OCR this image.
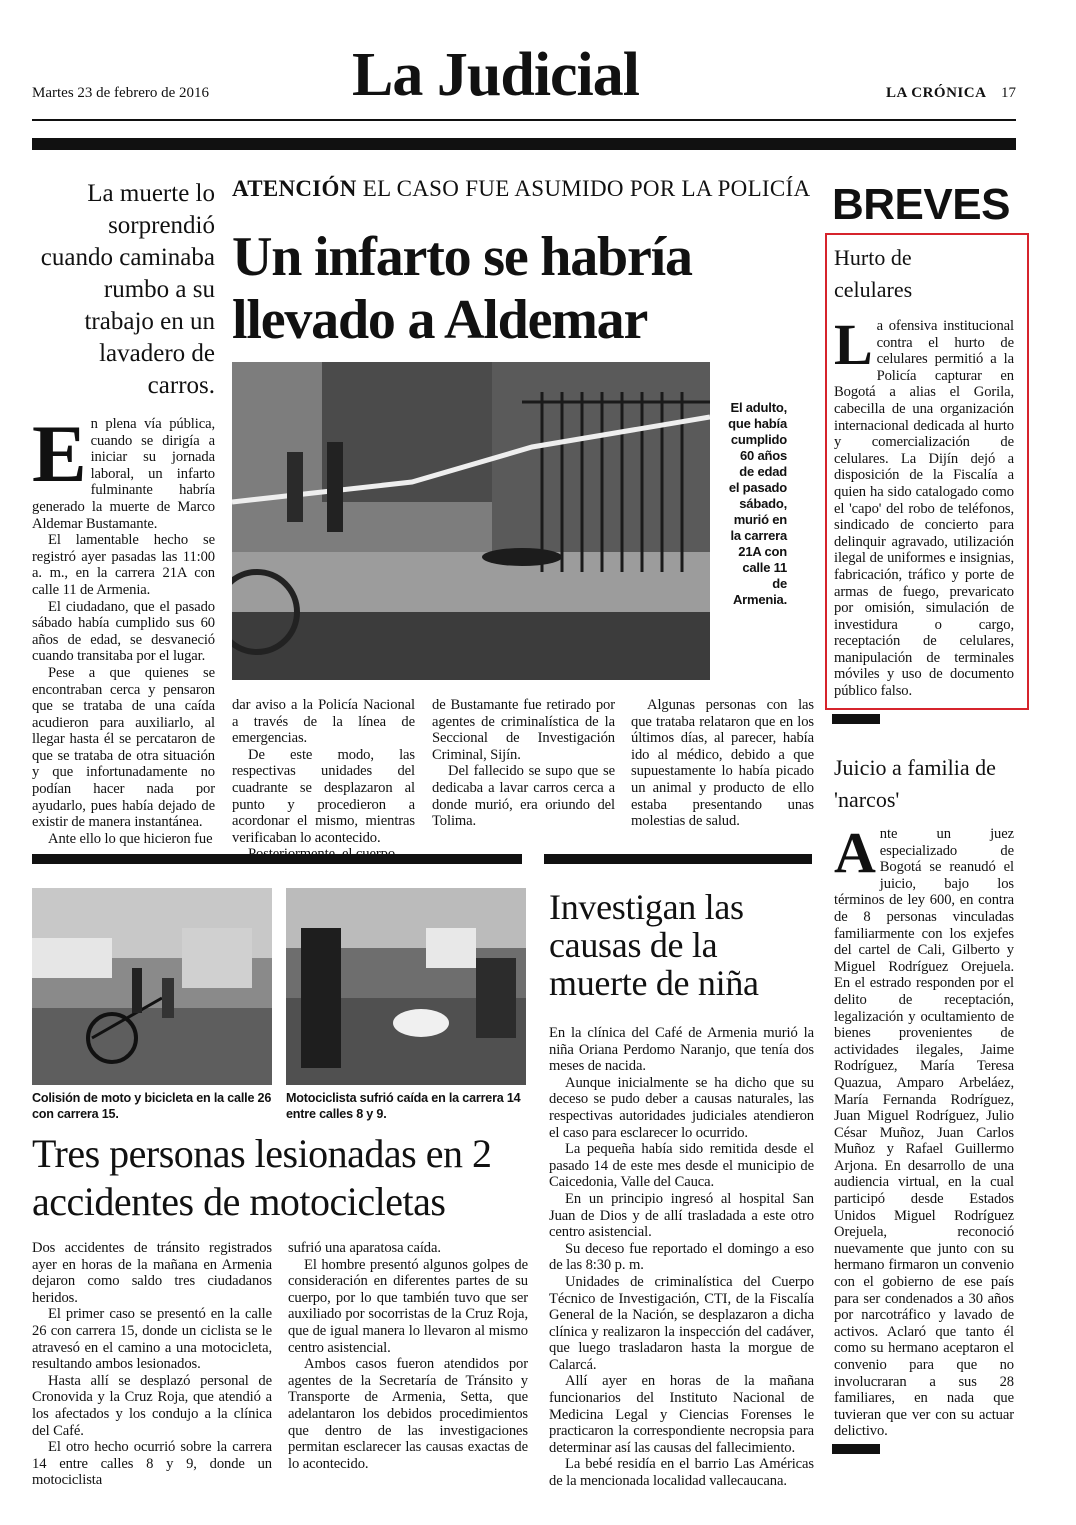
Martes 23 de febrero de 2016 La Judicial	LA CRÓNICA 17
La muerte lo sorprendió cuando caminaba rumbo a su trabajo en un lavadero de carros.
ATENCIÓN EL CASO FUE ASUMIDO POR LA POLICÍA
Un infarto se habría llevado a Aldemar
El adulto, que había cumplido 60 años de edad el pasado sábado, murió en la carrera 21A con calle 11 de Armenia.
E n plena vía pública, cuando se dirigía a iniciar su jornada laboral, un infarto fulminante habría generado la muerte de Marco Aldemar Bustamante.

El lamentable hecho se registró ayer pasadas las 11:00 a. m., en la carrera 21A con calle 11 de Armenia.

El ciudadano, que el pasado sábado había cumplido sus 60 años de edad, se desvaneció cuando transitaba por el lugar.

Pese a que quienes se encontraban cerca y pensaron que se trataba de una caída acudieron para auxiliarlo, al llegar hasta él se percataron de que se trataba de otra situación y que infortunadamente no podían hacer nada por ayudarlo, pues había dejado de existir de manera instantánea.

Ante ello lo que hicieron fue

dar aviso a la Policía Nacional a través de la línea de emergencias.

De este modo, las respectivas unidades del cuadrante se desplazaron al punto y procedieron a acordonar el mismo, mientras verificaban lo acontecido.

de Bustamante fue retirado por agentes de criminalística de la Seccional de Investigación Criminal, Sijín.

Del fallecido se supo que se dedicaba a lavar carros cerca a donde murió, era oriundo del Tolima.

Algunas personas con las que trataba relataron que en los últimos días, al parecer, había ido al médico, debido a que supuestamente lo había picado un animal y producto de ello estaba presentando unas molestias de salud.

BREVES
Hurto de celulares
L a ofensiva institucional contra el hurto de celulares permitió a la Policía capturar en Bogotá a alias el Gorila, cabecilla de una organización internacional dedicada al hurto y comercialización de celulares. La Dijín dejó a disposición de la Fiscalía a quien ha sido catalogado como el 'capo' del robo de teléfonos, sindicado de concierto para delinquir agravado, utilización ilegal de uniformes e insignias, fabricación, tráfico y porte de armas de fuego, prevaricato por omisión, simulación de investidura o cargo, receptación de celulares, manipulación de terminales móviles y uso de documento público falso.

Juicio a familia de 'narcos'
A nte un juez especializado de Bogotá se reanudó el juicio, bajo los términos de ley 600, en contra de 8 personas vinculadas familiarmente con los exjefes del cartel de Cali, Gilberto y Miguel Rodríguez Orejuela. En el estrado responden por el delito de receptación, legalización y ocultamiento de bienes provenientes de actividades ilegales, Jaime Rodríguez, María Teresa Quazua, Amparo Arbeláez, María Fernanda Rodríguez, Juan Miguel Rodríguez, Julio César Muñoz, Juan Carlos Muñoz y Rafael Guillermo Arjona. En desarrollo de una audiencia virtual, en la cual participó desde Estados Unidos Miguel Rodríguez Orejuela, reconoció nuevamente que junto con su hermano firmaron un convenio con el gobierno de ese país para ser condenados a 30 años por narcotráfico y lavado de activos. Aclaró que tanto él como su hermano aceptaron el convenio para que no involucraran a sus 28 familiares, en nada que tuvieran que ver con su actuar delictivo.

Colisión de moto y bicicleta en la calle 26 con carrera 15.
Motociclista sufrió caída en la carrera 14 entre calles 8 y 9.
Tres personas lesionadas en 2 accidentes de motocicletas

Dos accidentes de tránsito registrados ayer en horas de la mañana en Armenia dejaron como saldo tres ciudadanos heridos.

El primer caso se presentó en la calle 26 con carrera 15, donde un ciclista se le atravesó en el camino a una motocicleta, resultando ambos lesionados.

Hasta allí se desplazó personal de Cronovida y la Cruz Roja, que atendió a los afectados y los condujo a la clínica del Café.

El otro hecho ocurrió sobre la carrera 14 entre calles 8 y 9, donde un motociclista

sufrió una aparatosa caída.

El hombre presentó algunos golpes de consideración en diferentes partes de su cuerpo, por lo que también tuvo que ser auxiliado por socorristas de la Cruz Roja, que de igual manera lo llevaron al mismo centro asistencial.

Ambos casos fueron atendidos por agentes de la Secretaría de Tránsito y Transporte de Armenia, Setta, que adelantaron los debidos procedimientos que dentro de las investigaciones permitan esclarecer las causas exactas de lo acontecido.

Investigan las causas de la muerte de niña

En la clínica del Café de Armenia murió la niña Oriana Perdomo Naranjo, que tenía dos meses de nacida.

Aunque inicialmente se ha dicho que su deceso se pudo deber a causas naturales, las respectivas autoridades judiciales atendieron el caso para esclarecer lo ocurrido.

La pequeña había sido remitida desde el pasado 14 de este mes desde el municipio de Caicedonia, Valle del Cauca.

En un principio ingresó al hospital San Juan de Dios y de allí trasladada a este otro centro asistencial.

Su deceso fue reportado el domingo a eso de las 8:30 p. m.

Unidades de criminalística del Cuerpo Técnico de Investigación, CTI, de la Fiscalía General de la Nación, se desplazaron a dicha clínica y realizaron la inspección del cadáver, que luego trasladaron hasta la morgue de Calarcá.

Allí ayer en horas de la mañana funcionarios del Instituto Nacional de Medicina Legal y Ciencias Forenses le practicaron la correspondiente necropsia para determinar así las causas del fallecimiento.

La bebé residía en el barrio Las Américas de la mencionada localidad vallecaucana.
